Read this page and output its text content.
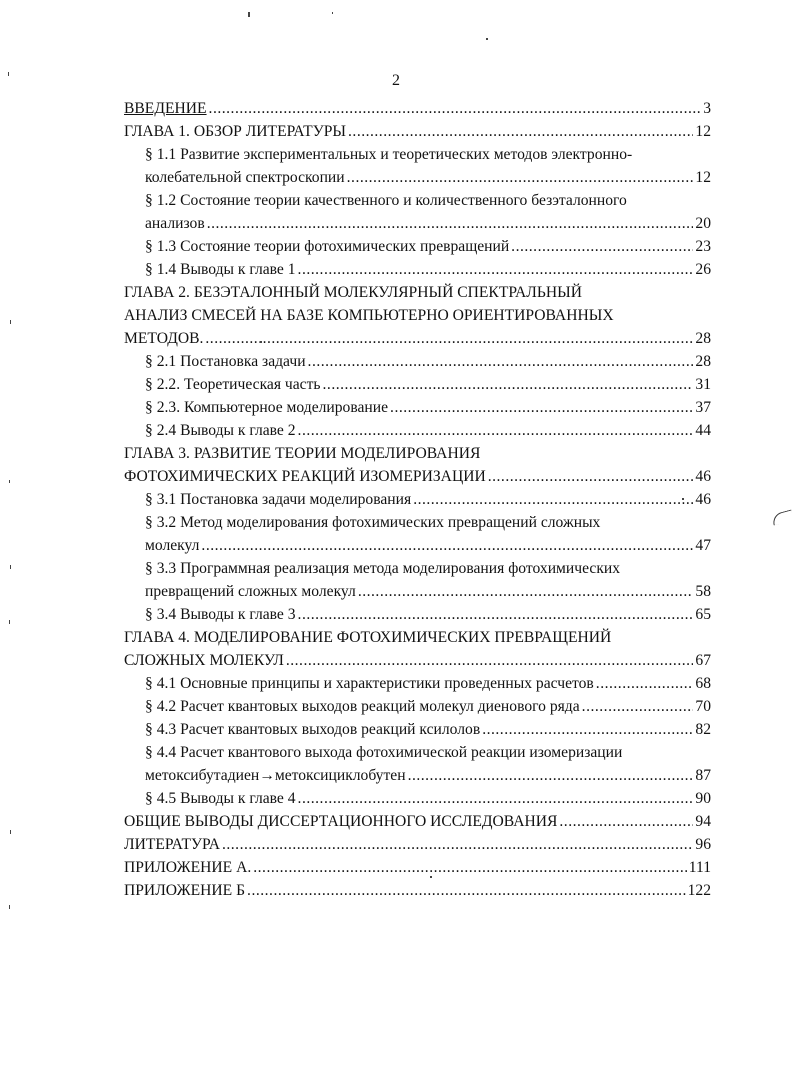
2
ВВЕДЕНИЕ .....	3
ГЛАВА 1. ОБЗОР ЛИТЕРАТУРЫ .....	12
§ 1.1 Развитие экспериментальных и теоретических методов электронно-
колебательной спектроскопии .....	12
§ 1.2 Состояние теории качественного и количественного безэталонного
анализов .....	20
§ 1.3 Состояние теории фотохимических превращений .....	23
§ 1.4 Выводы к главе 1 .....	26
ГЛАВА 2. БЕЗЭТАЛОННЫЙ МОЛЕКУЛЯРНЫЙ СПЕКТРАЛЬНЫЙ
АНАЛИЗ СМЕСЕЙ НА БАЗЕ КОМПЬЮТЕРНО ОРИЕНТИРОВАННЫХ
МЕТОДОВ. .....	28
§ 2.1 Постановка задачи .....	28
§ 2.2. Теоретическая часть .....	31
§ 2.3. Компьютерное моделирование .....	37
§ 2.4 Выводы к главе 2 .....	44
ГЛАВА 3. РАЗВИТИЕ ТЕОРИИ МОДЕЛИРОВАНИЯ
ФОТОХИМИЧЕСКИХ РЕАКЦИЙ ИЗОМЕРИЗАЦИИ .....	46
§ 3.1 Постановка задачи моделирования .....	46
§ 3.2 Метод моделирования фотохимических превращений сложных
молекул .....	47
§ 3.3 Программная реализация метода моделирования фотохимических
превращений сложных молекул .....	58
§ 3.4 Выводы к главе 3 .....	65
ГЛАВА 4. МОДЕЛИРОВАНИЕ ФОТОХИМИЧЕСКИХ ПРЕВРАЩЕНИЙ
СЛОЖНЫХ МОЛЕКУЛ .....	67
§ 4.1 Основные принципы и характеристики проведенных расчетов .....	68
§ 4.2 Расчет квантовых выходов реакций молекул диенового ряда .....	70
§ 4.3 Расчет квантовых выходов реакций ксилолов .....	82
§ 4.4 Расчет квантового выхода фотохимической реакции изомеризации
метоксибутадиен→метоксициклобутен .....	87
§ 4.5 Выводы к главе 4 .....	90
ОБЩИЕ ВЫВОДЫ ДИССЕРТАЦИОННОГО ИССЛЕДОВАНИЯ .....	94
ЛИТЕРАТУРА .....	96
ПРИЛОЖЕНИЕ А. .....	111
ПРИЛОЖЕНИЕ Б .....	122
